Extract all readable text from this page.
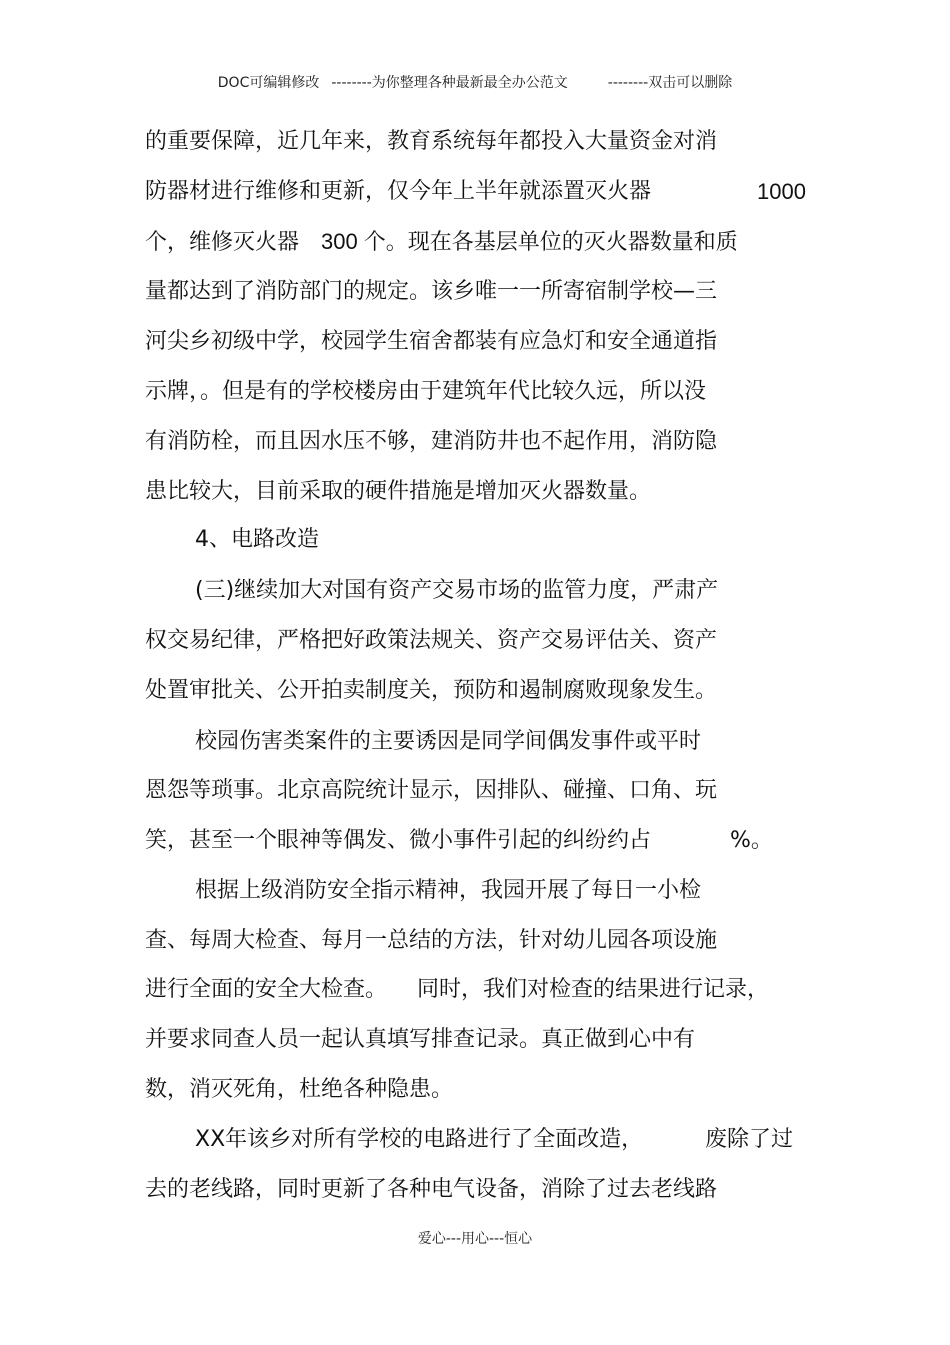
DOC可编辑修改 --------为你整理各种最新最全办公范文	--------双击可以删除
的重要保障，近几年来，教育系统每年都投入大量资金对消
防器材进行维修和更新，仅今年上半年就添置灭火器	1000
个，维修灭火器 300 个。现在各基层单位的灭火器数量和质
量都达到了消防部门的规定。该乡唯一一所寄宿制学校—三
河尖乡初级中学，校园学生宿舍都装有应急灯和安全通道指
示牌，。但是有的学校楼房由于建筑年代比较久远，所以没
有消防栓，而且因水压不够，建消防井也不起作用，消防隐
患比较大，目前采取的硬件措施是增加灭火器数量。
4、电路改造
(三)继续加大对国有资产交易市场的监管力度，严肃产
权交易纪律，严格把好政策法规关、资产交易评估关、资产
处置审批关、公开拍卖制度关，预防和遏制腐败现象发生。
校园伤害类案件的主要诱因是同学间偶发事件或平时
恩怨等琐事。北京高院统计显示，因排队、碰撞、口角、玩
笑，甚至一个眼神等偶发、微小事件引起的纠纷约占	%。
根据上级消防安全指示精神，我园开展了每日一小检
查、每周大检查、每月一总结的方法，针对幼儿园各项设施
进行全面的安全大检查。 同时，我们对检查的结果进行记录，
并要求同查人员一起认真填写排查记录。真正做到心中有
数，消灭死角，杜绝各种隐患。
XX年该乡对所有学校的电路进行了全面改造，	废除了过
去的老线路，同时更新了各种电气设备，消除了过去老线路
爱心---用心---恒心
